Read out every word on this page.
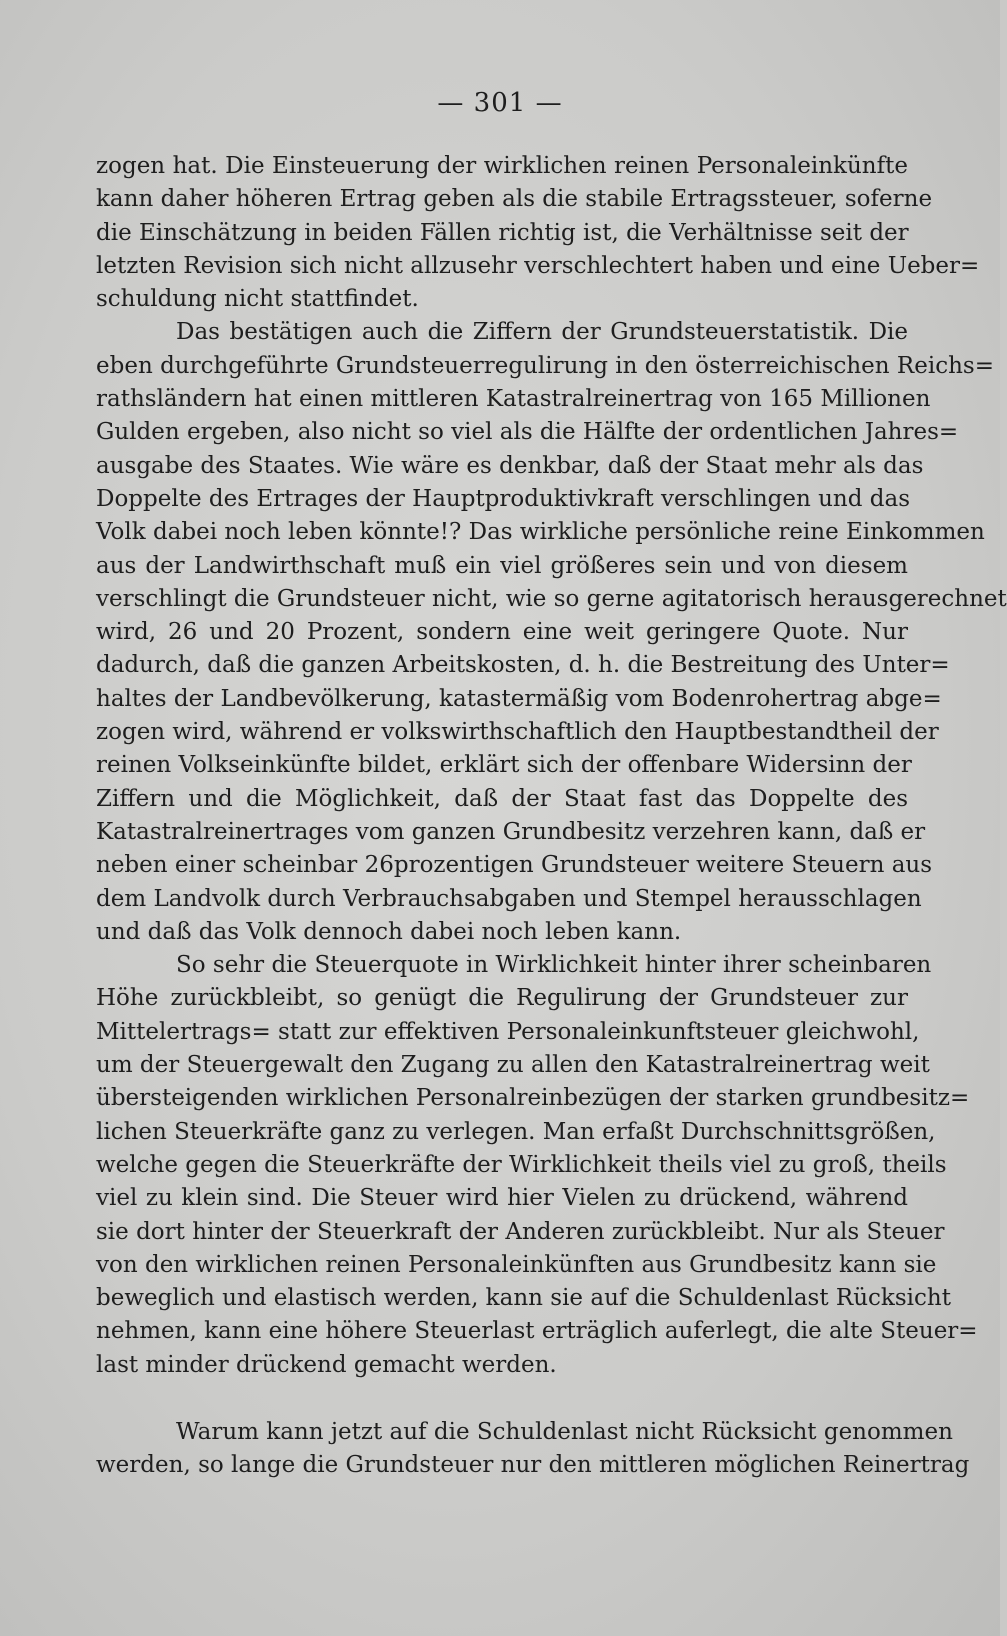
— 301 —

zogen hat. Die Einsteuerung der wirklichen reinen Personaleinkünfte
kann daher höheren Ertrag geben als die stabile Ertragssteuer, soferne
die Einschätzung in beiden Fällen richtig ist, die Verhältnisse seit der
letzten Revision sich nicht allzusehr verschlechtert haben und eine Ueber=
schuldung nicht stattfindet.

Das bestätigen auch die Ziffern der Grundsteuerstatistik. Die
eben durchgeführte Grundsteuerregulirung in den österreichischen Reichs=
rathsländern hat einen mittleren Katastralreinertrag von 165 Millionen
Gulden ergeben, also nicht so viel als die Hälfte der ordentlichen Jahres=
ausgabe des Staates. Wie wäre es denkbar, daß der Staat mehr als das
Doppelte des Ertrages der Hauptproduktivkraft verschlingen und das
Volk dabei noch leben könnte!? Das wirkliche persönliche reine Einkommen
aus der Landwirthschaft muß ein viel größeres sein und von diesem
verschlingt die Grundsteuer nicht, wie so gerne agitatorisch herausgerechnet
wird, 26 und 20 Prozent, sondern eine weit geringere Quote. Nur
dadurch, daß die ganzen Arbeitskosten, d. h. die Bestreitung des Unter=
haltes der Landbevölkerung, katastermäßig vom Bodenrohertrag abge=
zogen wird, während er volkswirthschaftlich den Hauptbestandtheil der
reinen Volkseinkünfte bildet, erklärt sich der offenbare Widersinn der
Ziffern und die Möglichkeit, daß der Staat fast das Doppelte des
Katastralreinertrages vom ganzen Grundbesitz verzehren kann, daß er
neben einer scheinbar 26prozentigen Grundsteuer weitere Steuern aus
dem Landvolk durch Verbrauchsabgaben und Stempel herausschlagen
und daß das Volk dennoch dabei noch leben kann.

So sehr die Steuerquote in Wirklichkeit hinter ihrer scheinbaren
Höhe zurückbleibt, so genügt die Regulirung der Grundsteuer zur
Mittelertrags= statt zur effektiven Personaleinkunftsteuer gleichwohl,
um der Steuergewalt den Zugang zu allen den Katastralreinertrag weit
übersteigenden wirklichen Personalreinbezügen der starken grundbesitz=
lichen Steuerkräfte ganz zu verlegen. Man erfaßt Durchschnittsgrößen,
welche gegen die Steuerkräfte der Wirklichkeit theils viel zu groß, theils
viel zu klein sind. Die Steuer wird hier Vielen zu drückend, während
sie dort hinter der Steuerkraft der Anderen zurückbleibt. Nur als Steuer
von den wirklichen reinen Personaleinkünften aus Grundbesitz kann sie
beweglich und elastisch werden, kann sie auf die Schuldenlast Rücksicht
nehmen, kann eine höhere Steuerlast erträglich auferlegt, die alte Steuer=
last minder drückend gemacht werden.

Warum kann jetzt auf die Schuldenlast nicht Rücksicht genommen
werden, so lange die Grundsteuer nur den mittleren möglichen Reinertrag
